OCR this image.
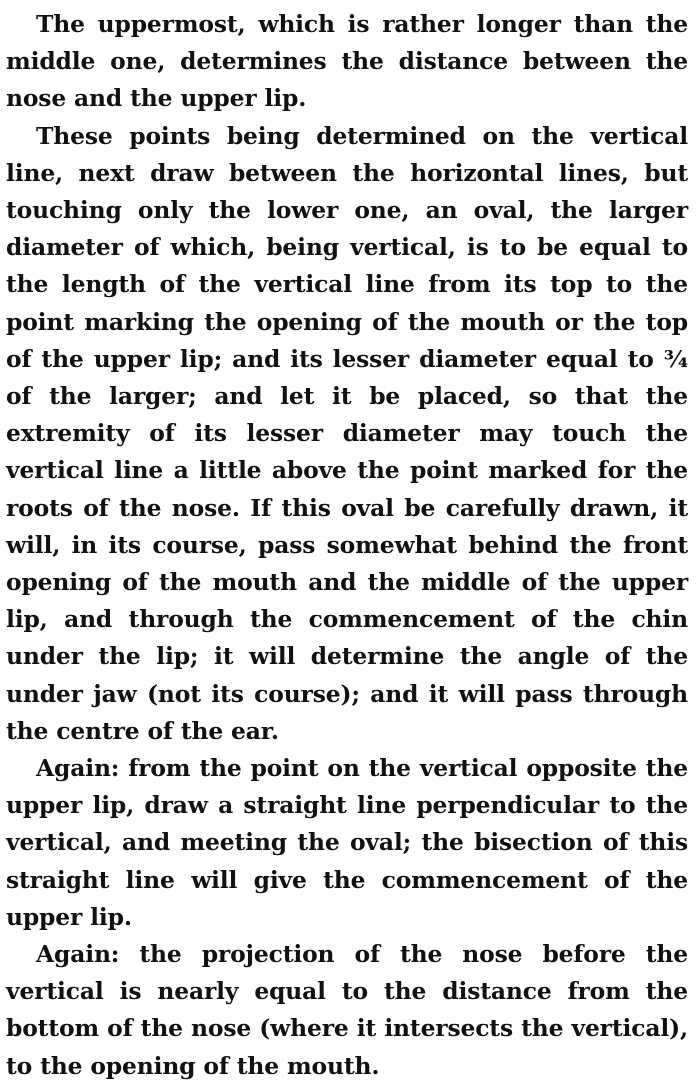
The uppermost, which is rather longer than the middle one, determines the distance between the nose and the upper lip.

These points being determined on the vertical line, next draw between the horizontal lines, but touching only the lower one, an oval, the larger diameter of which, being vertical, is to be equal to the length of the vertical line from its top to the point marking the opening of the mouth or the top of the upper lip; and its lesser diameter equal to ¾ of the larger; and let it be placed, so that the extremity of its lesser diameter may touch the vertical line a little above the point marked for the roots of the nose. If this oval be carefully drawn, it will, in its course, pass somewhat behind the front opening of the mouth and the middle of the upper lip, and through the commencement of the chin under the lip; it will determine the angle of the under jaw (not its course); and it will pass through the centre of the ear.

Again: from the point on the vertical opposite the upper lip, draw a straight line perpendicular to the vertical, and meeting the oval; the bisection of this straight line will give the commencement of the upper lip.

Again: the projection of the nose before the vertical is nearly equal to the distance from the bottom of the nose (where it intersects the vertical), to the opening of the mouth.
